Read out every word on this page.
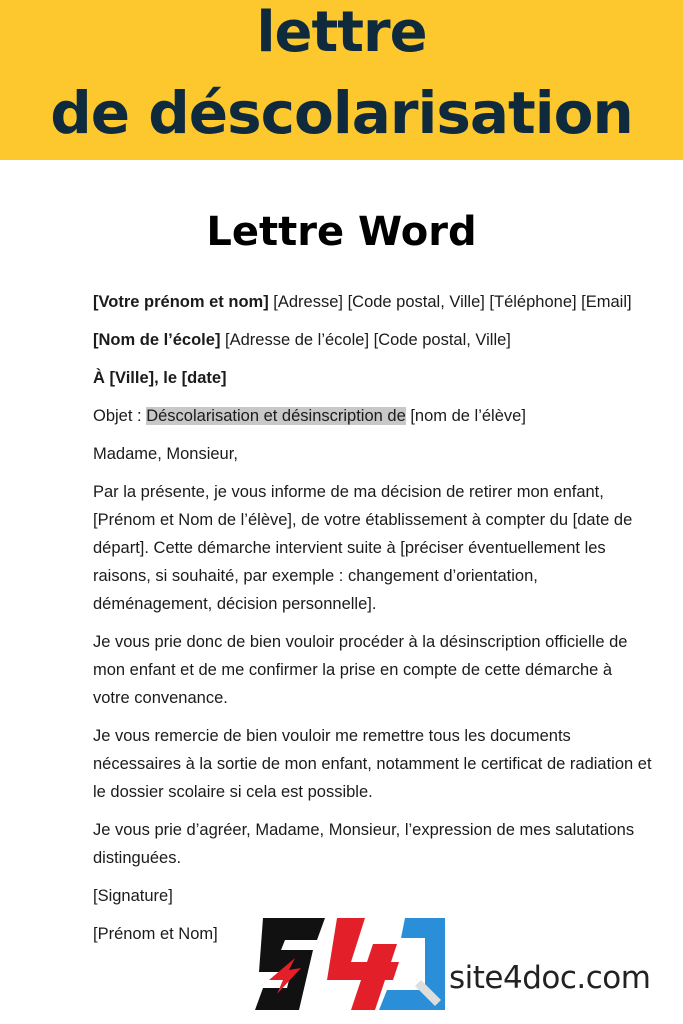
lettre
de déscolarisation
Lettre Word

[Votre prénom et nom] [Adresse] [Code postal, Ville] [Téléphone] [Email]

[Nom de l’école] [Adresse de l’école] [Code postal, Ville]

À [Ville], le [date]

Objet : Déscolarisation et désinscription de [nom de l’élève]

Madame, Monsieur,

Par la présente, je vous informe de ma décision de retirer mon enfant, [Prénom et Nom de l’élève], de votre établissement à compter du [date de départ]. Cette démarche intervient suite à [préciser éventuellement les raisons, si souhaité, par exemple : changement d’orientation, déménagement, décision personnelle].

Je vous prie donc de bien vouloir procéder à la désinscription officielle de mon enfant et de me confirmer la prise en compte de cette démarche à votre convenance.

Je vous remercie de bien vouloir me remettre tous les documents nécessaires à la sortie de mon enfant, notamment le certificat de radiation et le dossier scolaire si cela est possible.

Je vous prie d’agréer, Madame, Monsieur, l’expression de mes salutations distinguées.

[Signature]

[Prénom et Nom]

site4doc.com
